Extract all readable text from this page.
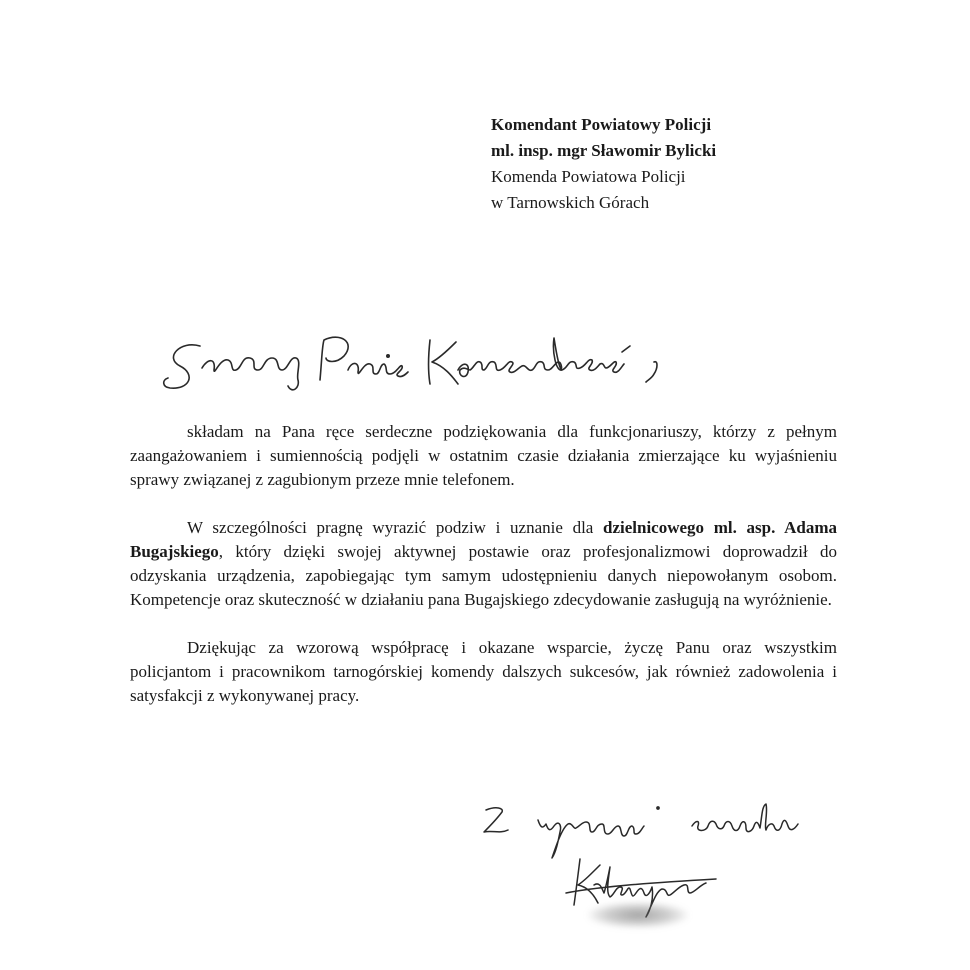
Komendant Powiatowy Policji
ml. insp. mgr Sławomir Bylicki
Komenda Powiatowa Policji
w Tarnowskich Górach

składam na Pana ręce serdeczne podziękowania dla funkcjonariuszy, którzy z pełnym zaangażowaniem i sumiennością podjęli w ostatnim czasie działania zmierzające ku wyjaśnieniu sprawy związanej z zagubionym przeze mnie telefonem.

W szczególności pragnę wyrazić podziw i uznanie dla dzielnicowego ml. asp. Adama Bugajskiego, który dzięki swojej aktywnej postawie oraz profesjonalizmowi doprowadził do odzyskania urządzenia, zapobiegając tym samym udostępnieniu danych niepowołanym osobom. Kompetencje oraz skuteczność w działaniu pana Bugajskiego zdecydowanie zasługują na wyróżnienie.

Dziękując za wzorową współpracę i okazane wsparcie, życzę Panu oraz wszystkim policjantom i pracownikom tarnogórskiej komendy dalszych sukcesów, jak również zadowolenia i satysfakcji z wykonywanej pracy.
